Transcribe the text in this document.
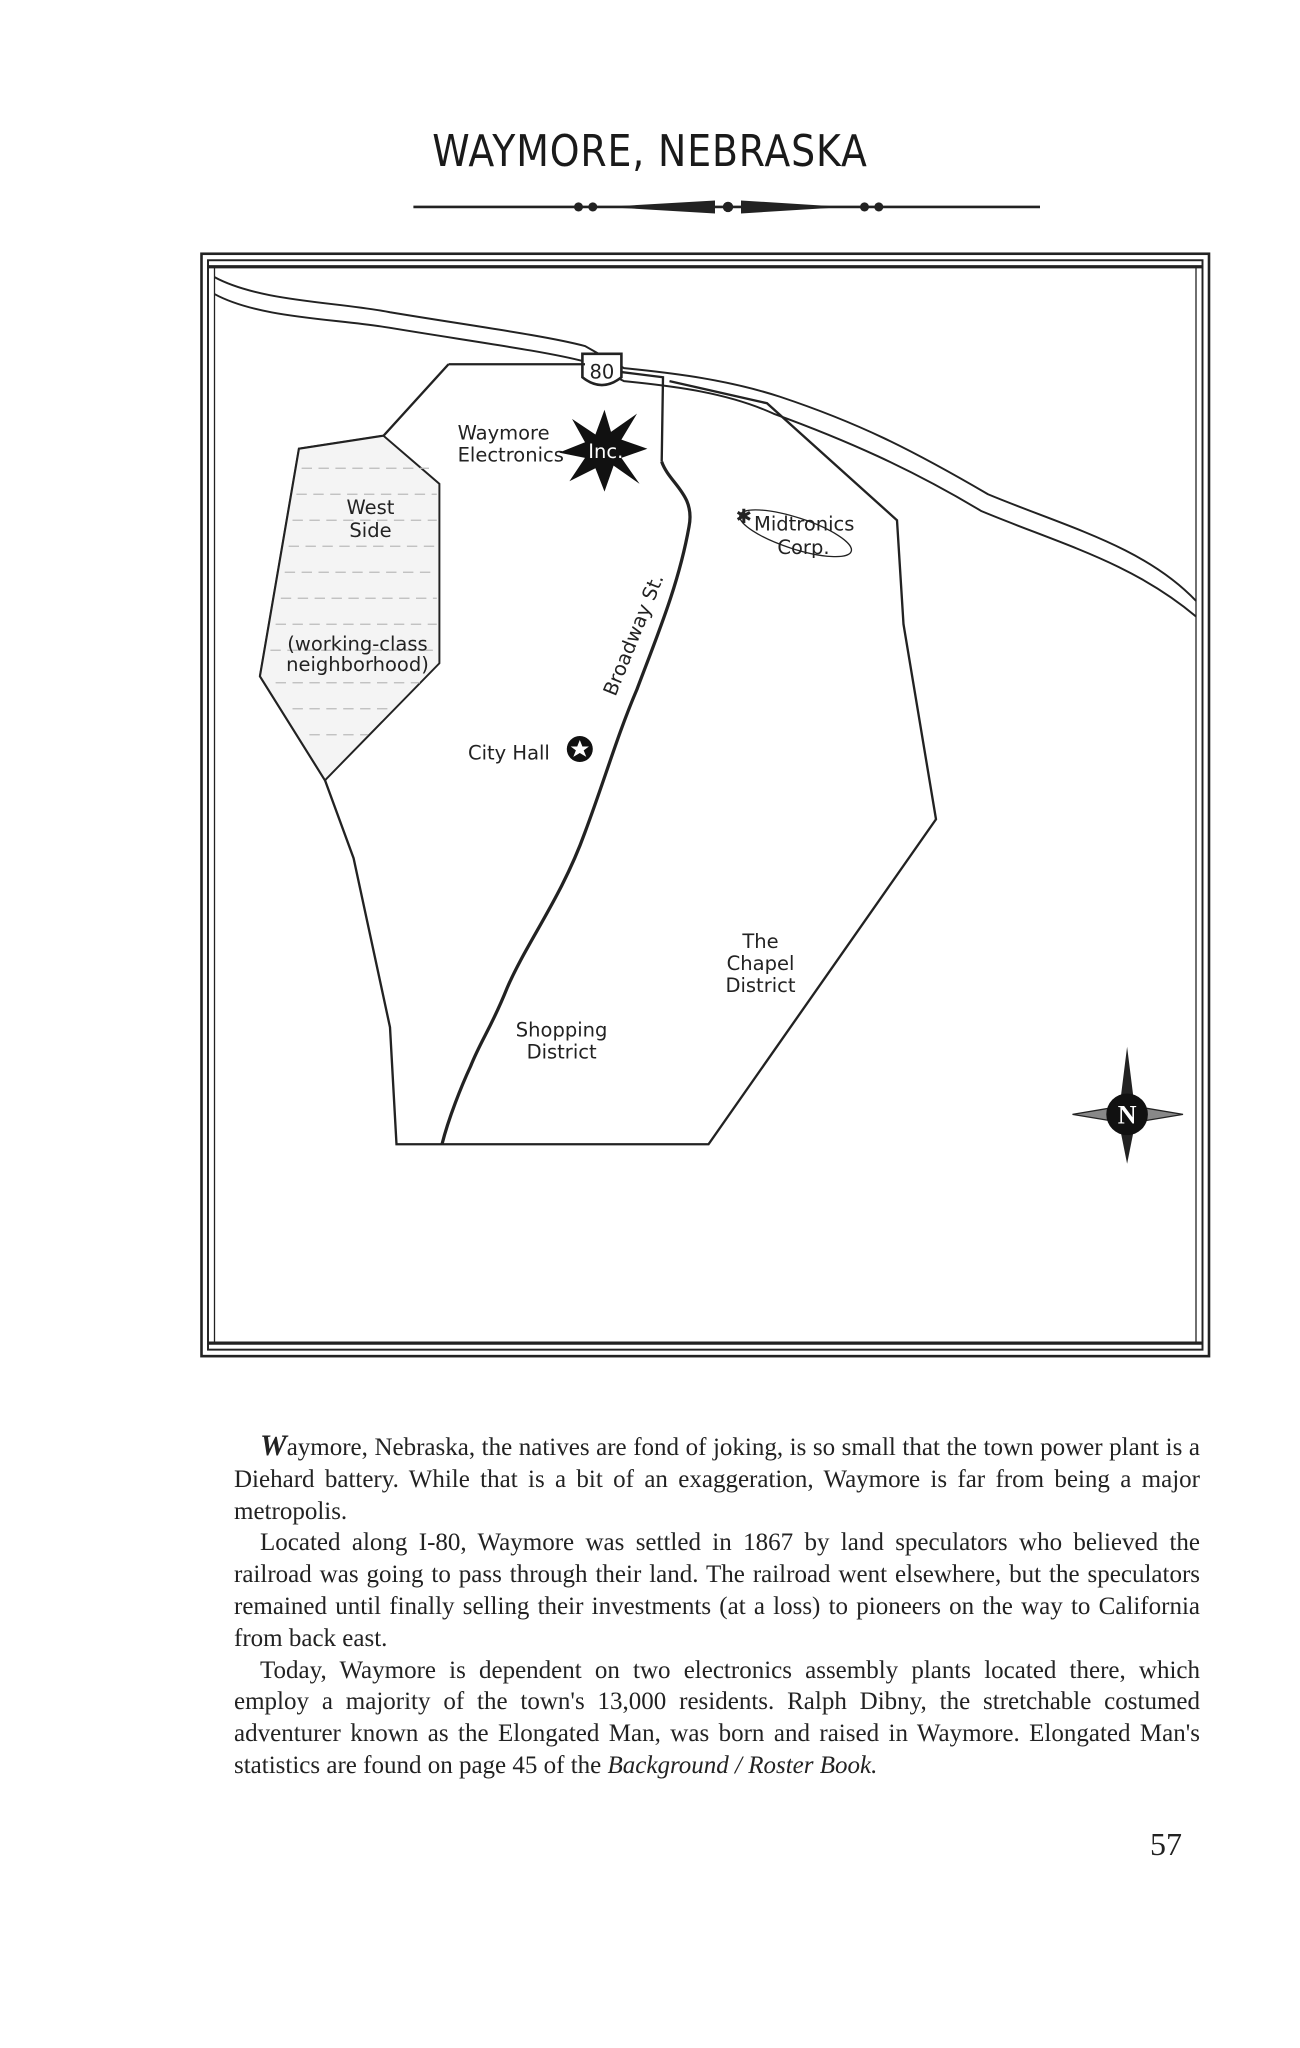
WAYMORE, NEBRASKA
80
West
Side
(working-class
neighborhood)	Broadway St.
Waymore
Electronics Inc.
✱ Midtronics
Corp.
City Hall
The
Chapel
District
Shopping
District
N

Waymore, Nebraska, the natives are fond of joking, is so small that the town power plant is a Diehard battery. While that is a bit of an exaggeration, Waymore is far from being a major metropolis.

Located along I-80, Waymore was settled in 1867 by land speculators who believed the railroad was going to pass through their land. The railroad went elsewhere, but the speculators remained until finally selling their investments (at a loss) to pioneers on the way to California from back east.

Today, Waymore is dependent on two electronics assembly plants located there, which employ a majority of the town's 13,000 residents. Ralph Dibny, the stretchable costumed adventurer known as the Elongated Man, was born and raised in Waymore. Elongated Man's statistics are found on page 45 of the Background / Roster Book.

57
